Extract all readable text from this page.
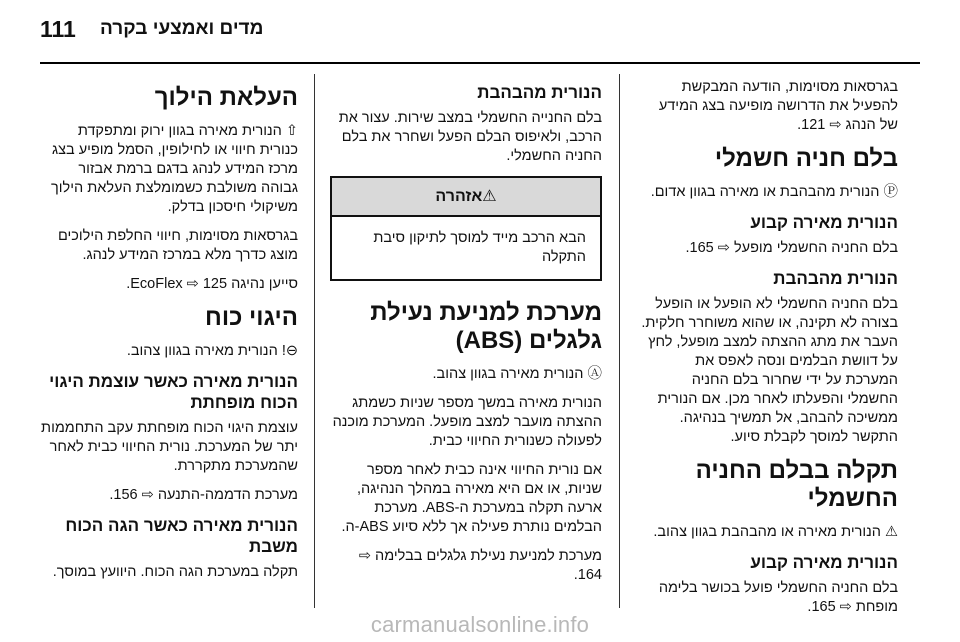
111 מדים ואמצעי בקרה

בגרסאות מסוימות, הודעה המבקשת להפעיל את הדרושה מופיעה בצג המידע של הנהג ⇨ 121.

בלם חניה חשמלי

Ⓟ הנורית מהבהבת או מאירה בגוון אדום.

הנורית מאירה קבוע

בלם החניה החשמלי מופעל ⇨ 165.

הנורית מהבהבת

בלם החניה החשמלי לא הופעל או הופעל בצורה לא תקינה, או שהוא משוחרר חלקית. העבר את מתג ההצתה למצב מופעל, לחץ על דוושת הבלמים ונסה לאפס את המערכת על ידי שחרור בלם החניה החשמלי והפעלתו לאחר מכן. אם הנורית ממשיכה להבהב, אל תמשיך בנהיגה. התקשר למוסך לקבלת סיוע.

תקלה בבלם החניה החשמלי

⚠ הנורית מאירה או מהבהבת בגוון צהוב.

הנורית מאירה קבוע

בלם החניה החשמלי פועל בכושר בלימה מופחת ⇨ 165.

הנורית מהבהבת

בלם החנייה החשמלי במצב שירות. עצור את הרכב, ולאיפוס הבלם הפעל ושחרר את בלם החניה החשמלי.

⚠אזהרה
הבא הרכב מייד למוסך לתיקון סיבת התקלה
מערכת למניעת נעילת גלגלים (ABS)

Ⓐ הנורית מאירה בגוון צהוב.

הנורית מאירה במשך מספר שניות כשמתג ההצתה מועבר למצב מופעל. המערכת מוכנה לפעולה כשנורית החיווי כבית.

אם נורית החיווי אינה כבית לאחר מספר שניות, או אם היא מאירה במהלך הנהיגה, ארעה תקלה במערכת ה-ABS. מערכת הבלמים נותרת פעילה אך ללא סיוע ABS-ה.

מערכת למניעת נעילת גלגלים בבלימה ⇨ 164.

העלאת הילוך

⇧ הנורית מאירה בגוון ירוק ומתפקדת כנורית חיווי או לחילופין, הסמל מופיע בצג מרכז המידע לנהג בדגם ברמת אבזור גבוהה משולבת כשמומלצת העלאת הילוך משיקולי חיסכון בדלק.

בגרסאות מסוימות, חיווי החלפת הילוכים מוצג כדרך מלא במרכז המידע לנהג.

סייען נהיגה EcoFlex ⇨ 125.

היגוי כוח

⊖! הנורית מאירה בגוון צהוב.

הנורית מאירה כאשר עוצמת היגוי הכוח מופחתת

עוצמת היגוי הכוח מופחתת עקב התחממות יתר של המערכת. נורית החיווי כבית לאחר שהמערכת מתקררת.

מערכת הדממה-התנעה ⇨ 156.

הנורית מאירה כאשר הגה הכוח משבת

תקלה במערכת הגה הכוח. היוועץ במוסך.

carmanualsonline.info
